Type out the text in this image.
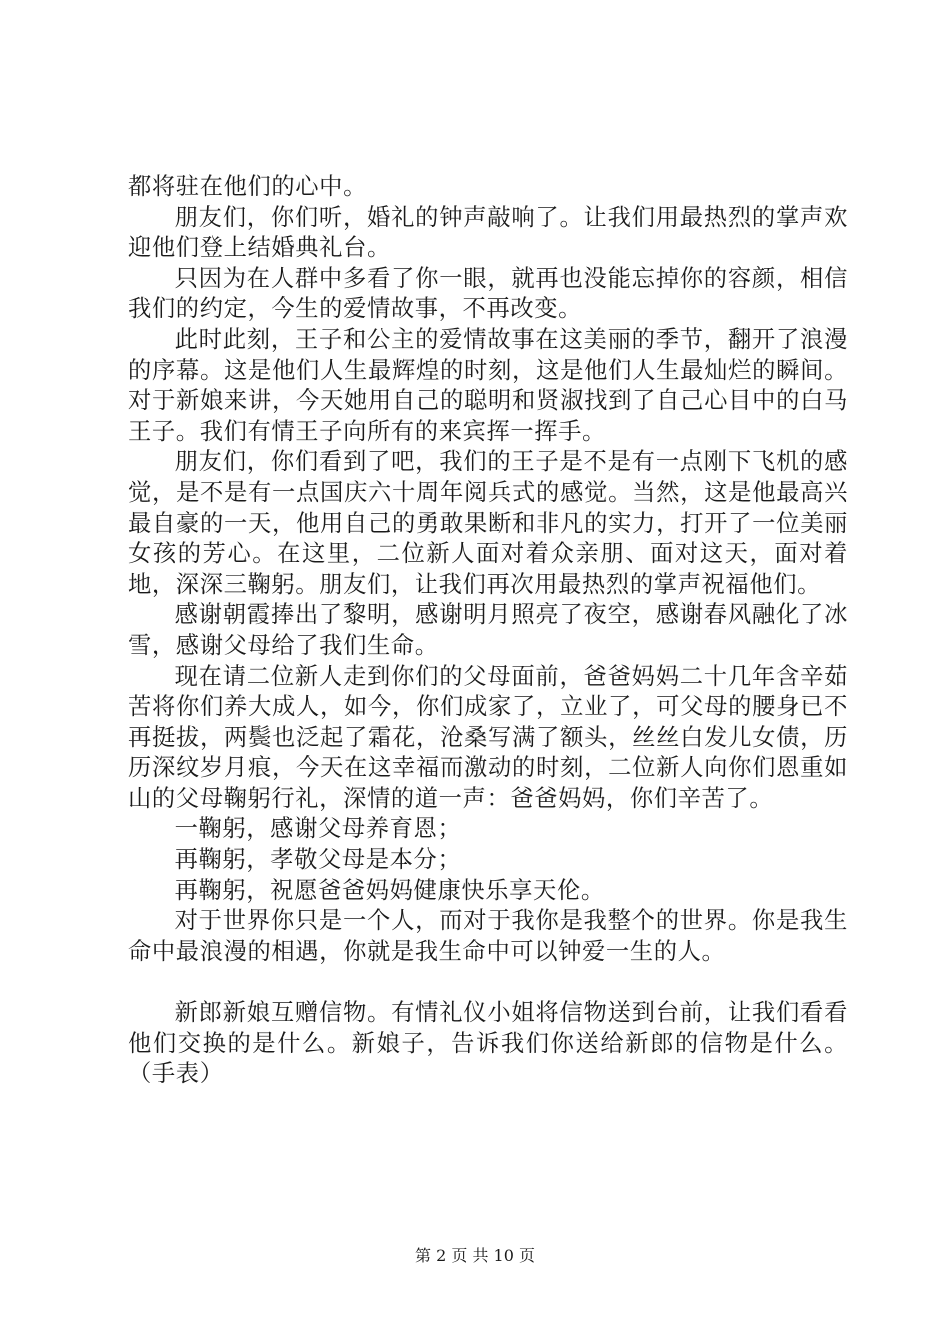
都将驻在他们的心中。

朋友们，你们听，婚礼的钟声敲响了。让我们用最热烈的掌声欢迎他们登上结婚典礼台。

只因为在人群中多看了你一眼，就再也没能忘掉你的容颜，相信我们的约定，今生的爱情故事，不再改变。

此时此刻，王子和公主的爱情故事在这美丽的季节，翻开了浪漫的序幕。这是他们人生最辉煌的时刻，这是他们人生最灿烂的瞬间。对于新娘来讲，今天她用自己的聪明和贤淑找到了自己心目中的白马王子。我们有情王子向所有的来宾挥一挥手。

朋友们，你们看到了吧，我们的王子是不是有一点刚下飞机的感觉，是不是有一点国庆六十周年阅兵式的感觉。当然，这是他最高兴最自豪的一天，他用自己的勇敢果断和非凡的实力，打开了一位美丽女孩的芳心。在这里，二位新人面对着众亲朋、面对这天，面对着地，深深三鞠躬。朋友们，让我们再次用最热烈的掌声祝福他们。

感谢朝霞捧出了黎明，感谢明月照亮了夜空，感谢春风融化了冰雪，感谢父母给了我们生命。

现在请二位新人走到你们的父母面前，爸爸妈妈二十几年含辛茹苦将你们养大成人，如今，你们成家了，立业了，可父母的腰身已不再挺拔，两鬓也泛起了霜花，沧桑写满了额头，丝丝白发儿女债，历历深纹岁月痕，今天在这幸福而激动的时刻，二位新人向你们恩重如山的父母鞠躬行礼，深情的道一声：爸爸妈妈，你们辛苦了。

一鞠躬，感谢父母养育恩；

再鞠躬，孝敬父母是本分；

再鞠躬，祝愿爸爸妈妈健康快乐享天伦。

对于世界你只是一个人，而对于我你是我整个的世界。你是我生命中最浪漫的相遇，你就是我生命中可以钟爱一生的人。

新郎新娘互赠信物。有情礼仪小姐将信物送到台前，让我们看看他们交换的是什么。新娘子，告诉我们你送给新郎的信物是什么。（手表）

第 2 页 共 10 页
